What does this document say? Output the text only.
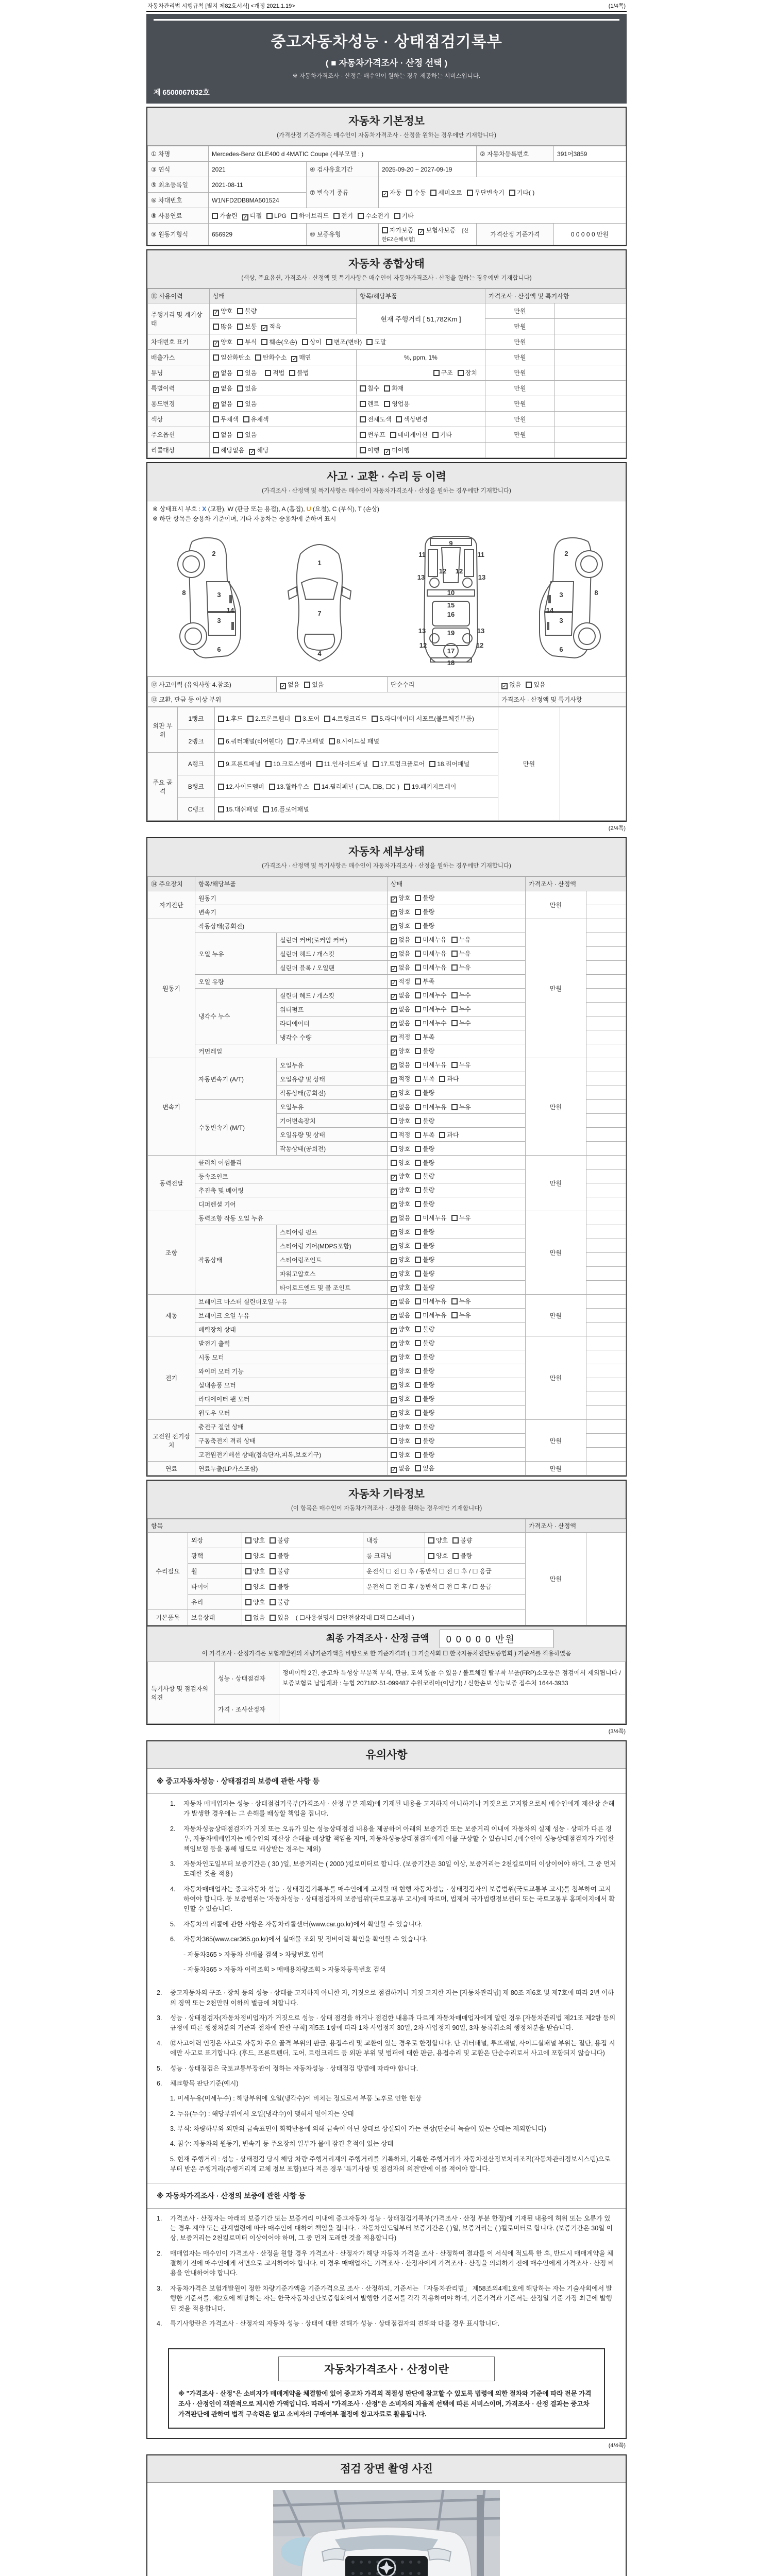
자동차관리법 시행규칙 [별지 제82호서식] <개정 2021.1.19>	(1/4쪽)
중고자동차성능 · 상태점검기록부
( ■ 자동차가격조사 · 산정 선택 )
※ 자동차가격조사 · 산정은 매수인이 원하는 경우 제공하는 서비스입니다.
제 6500067032호
자동차 기본정보
(가격산정 기준가격은 매수인이 자동차가격조사 · 산정을 원하는 경우에만 기재합니다)
① 차명	Mercedes-Benz GLE400 d 4MATIC Coupe (세부모델 : )			② 자동차등록번호	391어3859
③ 연식	2021	④ 검사유효기간	2025-09-20 ~ 2027-09-19		
⑤ 최초등록일	2021-08-11	⑦ 변속기 종류	✓ 자동 수동 세미오토 무단변속기 기타( )		
⑥ 차대번호	W1NFD2DB8MA501524				
⑧ 사용연료	가솔린 ✓ 디젤 LPG 하이브리드 전기 수소전기 기타				
⑨ 원동기형식	656929	⑩ 보증유형	자가보증 ✓ 보험사보증 [신한EZ손해보험]	가격산정 기준가격	0 0 0 0 0 만원
자동차 종합상태
(색상, 주요옵션, 가격조사 · 산정액 및 특기사항은 매수인이 자동차가격조사 · 산정을 원하는 경우에만 기재합니다)
⑪ 사용이력	상태	항목/해당부품	가격조사 · 산정액 및 특기사항	
주행거리 및 계기상태	✓ 양호 불량	현재 주행거리 [ 51,782Km ]	만원	
	많음 보통 ✓ 적음		만원	
차대번호 표기	✓ 양호 부식 훼손(오손) 상이 변조(변타) 도말		만원	
배출가스	일산화탄소 탄화수소 ✓ 매연	%, ppm, 1%	만원	
튜닝	✓ 없음 있음 적법 불법	구조 장치	만원	
특별이력	✓ 없음 있음	침수 화재	만원	
용도변경	✓ 없음 있음	렌트 영업용	만원	
색상	무채색 유채색	전체도색 색상변경	만원	
주요옵션	없음 있음	썬루프 네비게이션 기타	만원	
리콜대상	해당없음 ✓ 해당	이행 ✓ 미이행		
사고 · 교환 · 수리 등 이력
(가격조사 · 산정액 및 특기사항은 매수인이 자동차가격조사 · 산정을 원하는 경우에만 기재합니다)
※ 상태표시 부호 : X (교환), W (판금 또는 용접), A (흠집), U (요철), C (부식), T (손상)
※ 하단 항목은 승용차 기준이며, 기타 자동차는 승용차에 준하여 표시
2
8	3
14
3
6
1
7
4
9
11	11
13	13
12 12
10
15
16
19
13	13
17
12	12
18
2
3	8
14
3
6
⑫ 사고이력 (유의사항 4.참조)	✓ 없음 있음	단순수리	✓ 없음 있음
⑬ 교환, 판금 등 이상 부위			가격조사 · 산정액 및 특기사항
외판 부위	1랭크	1.후드 2.프론트휀더 3.도어 4.트렁크리드 5.라디에이터 서포트(볼트체결부품)	만원	
	2랭크	6.쿼터패널(리어휀다) 7.루브패널 8.사이드실 패널		
주요 골격	A랭크	9.프론트패널 10.크로스멤버 11.인사이드패널 17.트렁크플로어 18.리어패널		
	B랭크	12.사이드멤버 13.휠하우스 14.필러패널 ( ☐A, ☐B, ☐C ) 19.패키지트레이		
	C랭크	15.대쉬패널 16.플로어패널		
(2/4쪽)
자동차 세부상태
(가격조사 · 산정액 및 특기사항은 매수인이 자동차가격조사 · 산정을 원하는 경우에만 기재합니다)
⑭ 주요장치	항목/해당부품		상태	가격조사 · 산정액	
자기진단	원동기		✓ 양호 불량	만원	
	변속기		✓ 양호 불량		
원동기	작동상태(공회전)		✓ 양호 불량	만원	
	오일 누유	실린더 커버(로커암 커버)	✓ 없음 미세누유 누유		
		실린더 헤드 / 개스킷	✓ 없음 미세누유 누유		
		실린더 블록 / 오일팬	✓ 없음 미세누유 누유		
	오일 유량		✓ 적정 부족		
	냉각수 누수	실린더 헤드 / 개스킷	✓ 없음 미세누수 누수		
		워터펌프	✓ 없음 미세누수 누수		
		라디에이터	✓ 없음 미세누수 누수		
		냉각수 수량	✓ 적정 부족		
	커먼레일		✓ 양호 불량		
변속기	자동변속기 (A/T)	오일누유	✓ 없음 미세누유 누유	만원	
		오일유량 및 상태	✓ 적정 부족 과다		
		작동상태(공회전)	✓ 양호 불량		
	수동변속기 (M/T)	오일누유	없음 미세누유 누유		
		기어변속장치	양호 불량		
		오일유량 및 상태	적정 부족 과다		
		작동상태(공회전)	양호 불량		
동력전달	클러치 어셈블리		양호 불량	만원	
	등속조인트		✓ 양호 불량		
	추진축 및 베어링		✓ 양호 불량		
	디퍼렌셜 기어		✓ 양호 불량		
조향	동력조향 작동 오일 누유		✓ 없음 미세누유 누유	만원	
	작동상태	스티어링 펌프	✓ 양호 불량		
		스티어링 기어(MDPS포함)	✓ 양호 불량		
		스티어링조인트	✓ 양호 불량		
		파워고압호스	✓ 양호 불량		
		타이로드엔드 및 볼 조인트	✓ 양호 불량		
제동	브레이크 마스터 실린더오일 누유		✓ 없음 미세누유 누유	만원	
	브레이크 오일 누유		✓ 없음 미세누유 누유		
	배력장치 상태		✓ 양호 불량		
전기	발전기 출력		✓ 양호 불량	만원	
	시동 모터		✓ 양호 불량		
	와이퍼 모터 기능		✓ 양호 불량		
	실내송풍 모터		✓ 양호 불량		
	라디에이터 팬 모터		✓ 양호 불량		
	윈도우 모터		✓ 양호 불량		
고전원 전기장치	충전구 절연 상태		양호 불량	만원	
	구동축전지 격리 상태		양호 불량		
	고전원전기배선 상태(접속단자,피복,보호기구)		양호 불량		
연료	연료누출(LP가스포함)		✓ 없음 있음	만원	
자동차 기타정보
(이 항목은 매수인이 자동차가격조사 · 산정을 원하는 경우에만 기재합니다)
항목					가격조사 · 산정액	
수리필요	외장	양호 불량	내장	양호 불량	만원	
	광택	양호 불량	룸 크리닝	양호 불량		
	휠	양호 불량	운전석 ☐ 전 ☐ 후 / 동반석 ☐ 전 ☐ 후 / ☐ 응급			
	타이어	양호 불량	운전석 ☐ 전 ☐ 후 / 동반석 ☐ 전 ☐ 후 / ☐ 응급			
	유리	양호 불량				
기본품목	보유상태	없음 있음 ( ☐사용설명서 ☐안전삼각대 ☐잭 ☐스패너 )				
최종 가격조사 · 산정 금액	0 0 0 0 0 만원
이 가격조사 · 산정가격은 보험개발원의 차량기준가액을 바탕으로 한 기준가격과 ( ☐ 기술사회 ☐ 한국자동차진단보증협회 ) 기준서를 적용하였음
특기사항 및 점검자의 의견	성능 · 상태점검자	정비이력 2건, 중고차 특성상 부분적 부식, 판금, 도색 있을 수 있음 / 볼트체결 탈부착 부품(FRP)소모품은 점검에서 제외됩니다 / 보증보험료 납입계좌 : 농협 207182-51-099487 수원코리아(이남기) / 신한손보 성능보증 접수처 1644-3933
	가격 · 조사산정자	
(3/4쪽)
유의사항
※ 중고자동차성능 · 상태점검의 보증에 관한 사항 등
1.	자동차 매매업자는 성능 · 상태점검기록부(가격조사 · 산정 부분 제외)에 기재된 내용을 고지하지 아니하거나 거짓으로 고지함으로써 매수인에게 재산상 손해가 발생한 경우에는 그 손해를 배상할 책임을 집니다.
2.	자동차성능상태점검자가 거짓 또는 오류가 있는 성능상태점검 내용을 제공하여 아래의 보증기간 또는 보증거리 이내에 자동차의 실제 성능 · 상태가 다른 경우, 자동차매매업자는 매수인의 재산상 손해를 배상할 책임을 지며, 자동차성능상태점검자에게 이를 구상할 수 있습니다.(매수인이 성능상태점검자가 가입한 책임보험 등을 통해 별도로 배상받는 경우는 제외)
3.	자동차인도일부터 보증기간은 ( 30 )일, 보증거리는 ( 2000 )킬로미터로 합니다. (보증기간은 30일 이상, 보증거리는 2천킬로미터 이상이어야 하며, 그 중 먼저 도래한 것을 적용)
4.	자동차매매업자는 중고자동차 성능 · 상태점검기록부를 매수인에게 고지할 때 현행 자동차성능 · 상태점검자의 보증범위(국토교통부 고시)를 첨부하여 고지하여야 합니다. 동 보증범위는 '자동차성능 · 상태점검자의 보증범위'(국토교통부 고시)에 따르며, 법제처 국가법령정보센터 또는 국토교통부 홈페이지에서 확인할 수 있습니다.
5.	자동차의 리콜에 관한 사항은 자동차리콜센터(www.car.go.kr)에서 확인할 수 있습니다.
6.	자동차365(www.car365.go.kr)에서 실매물 조회 및 정비이력 확인을 확인할 수 있습니다.
- 자동차365 > 자동차 실매물 검색 > 차량번호 입력
- 자동차365 > 자동차 이력조회 > 매매용차량조회 > 자동차등록번호 검색
2.	중고자동차의 구조 · 장치 등의 성능 · 상태를 고지하지 아니한 자, 거짓으로 점검하거나 거짓 고지한 자는 [자동차관리법] 제 80조 제6호 및 제7호에 따라 2년 이하의 징역 또는 2천만원 이하의 벌금에 처합니다.
3.	성능 · 상태점검자(자동차정비업자)가 거짓으로 성능 · 상태 점검을 하거나 점검한 내용과 다르게 자동차매매업자에게 알린 경우 [자동차관리법 제21조 제2항 등의 규정에 따른 행정처분의 기준과 절차에 관한 규칙] 제5조 1항에 따라 1차 사업정지 30일, 2차 사업정지 90일, 3차 등록취소의 행정처분을 받습니다.
4.	⑫사고이력 인정은 사고로 자동차 주요 골격 부위의 판금, 용접수리 및 교환이 있는 경우로 한정합니다. 단 쿼터패널, 루프패널, 사이드실패널 부위는 절단, 용접 시에만 사고로 표기합니다. (후드, 프론트펜더, 도어, 트렁크리드 등 외판 부위 및 범퍼에 대한 판금, 용접수리 및 교환은 단순수리로서 사고에 포함되지 않습니다)
5.	성능 · 상태점검은 국토교통부장관이 정하는 자동차성능 · 상태점검 방법에 따라야 합니다.
6.	체크항목 판단기준(예시)
1. 미세누유(미세누수) : 해당부위에 오일(냉각수)이 비치는 정도로서 부품 노후로 인한 현상
2. 누유(누수) : 해당부위에서 오일(냉각수)이 맺혀서 떨어지는 상태
3. 부식: 차량하부와 외판의 금속표면이 화학반응에 의해 금속이 아닌 상태로 상실되어 가는 현상(단순히 녹슬어 있는 상태는 제외합니다)
4. 침수: 자동차의 원동기, 변속기 등 주요장치 일부가 물에 잠긴 흔적이 있는 상태
5. 현재 주행거리 : 성능 · 상태점검 당시 해당 차량 주행거리계의 주행거리를 기록하되, 기록한 주행거리가 자동차전산정보처리조직(자동차관리정보시스템)으로부터 받은 주행거리(주행거리계 교체 정보 포함)보다 적은 경우 '특기사항 및 점검자의 의견'란에 이를 적어야 합니다.
※ 자동차가격조사 · 산정의 보증에 관한 사항 등
1.	가격조사 · 산정자는 아래의 보증기간 또는 보증거리 이내에 중고자동차 성능 · 상태점검기록부(가격조사 · 산정 부분 한정)에 기재된 내용에 허위 또는 오류가 있는 경우 계약 또는 관계법령에 따라 매수인에 대하여 책임을 집니다. · 자동차인도일부터 보증기간은 ( )일, 보증거리는 ( )킬로미터로 합니다. (보증기간은 30일 이상, 보증거리는 2천킬로미터 이상이어야 하며, 그 중 먼저 도래한 것을 적용합니다)
2.	매매업자는 매수인이 가격조사 · 산정을 원할 경우 가격조사 · 산정자가 해당 자동차 가격을 조사 · 산정하여 결과를 이 서식에 적도록 한 후, 반드시 매매계약을 체결하기 전에 매수인에게 서면으로 고지하여야 합니다. 이 경우 매매업자는 가격조사 · 산정자에게 가격조사 · 산정을 의뢰하기 전에 매수인에게 가격조사 · 산정 비용을 안내하여야 합니다.
3.	자동차가격은 보험개발원이 정한 차량기준가액을 기준가격으로 조사 · 산정하되, 기준서는 「자동차관리법」 제58조의4제1호에 해당하는 자는 기술사회에서 발행한 기준서를, 제2호에 해당하는 자는 한국자동차진단보증협회에서 발행한 기준서를 각각 적용하여야 하며, 기준가격과 기준서는 산정일 기준 가장 최근에 발행된 것을 적용합니다.
4.	특기사항란은 가격조사 · 산정자의 자동차 성능 · 상태에 대한 견해가 성능 · 상태점검자의 견해와 다를 경우 표시합니다.
자동차가격조사 · 산정이란
※ "가격조사 · 산정"은 소비자가 매매계약을 체결함에 있어 중고차 가격의 적절성 판단에 참고할 수 있도록 법령에 의한 절차와 기준에 따라 전문 가격조사 · 산정인이 객관적으로 제시한 가액입니다. 따라서 "가격조사 · 산정"은 소비자의 자율적 선택에 따른 서비스이며, 가격조사 · 산정 결과는 중고차 가격판단에 관하여 법적 구속력은 없고 소비자의 구매여부 결정에 참고자료로 활용됩니다.
(4/4쪽)
점검 장면 촬영 사진
